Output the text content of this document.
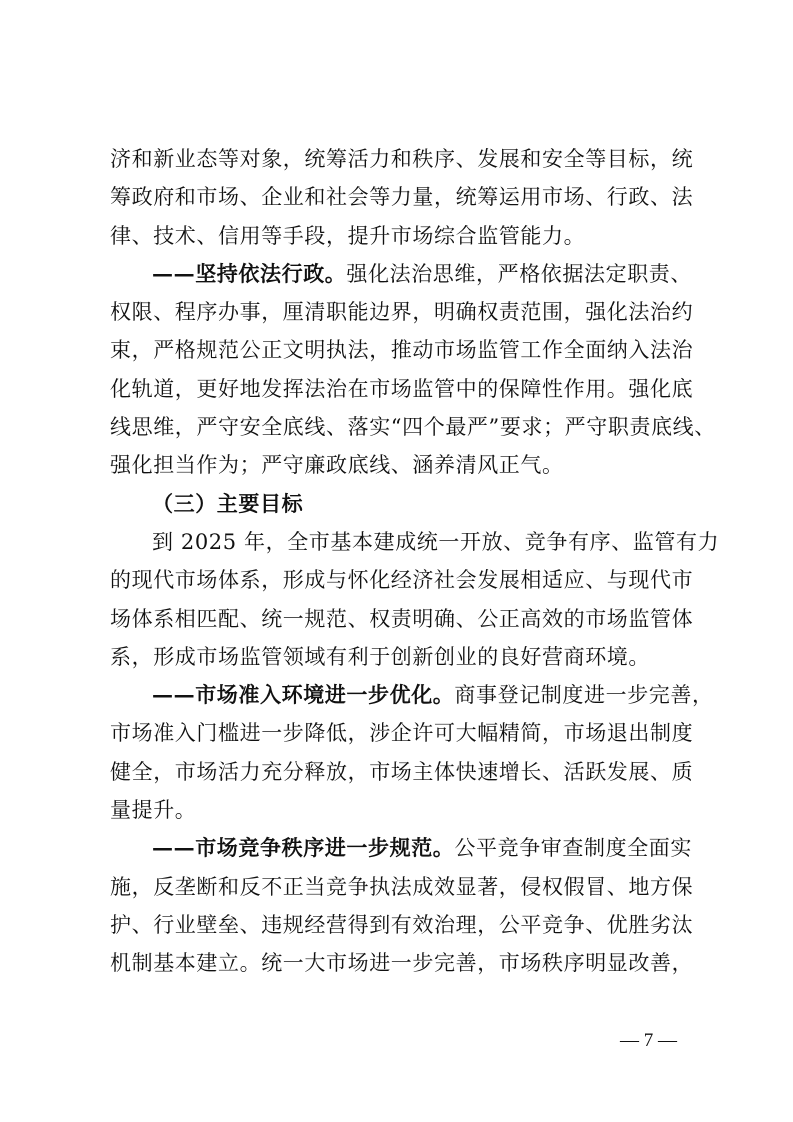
济和新业态等对象，统筹活力和秩序、发展和安全等目标，统
筹政府和市场、企业和社会等力量，统筹运用市场、行政、法
律、技术、信用等手段，提升市场综合监管能力。
——坚持依法行政。强化法治思维，严格依据法定职责、
权限、程序办事，厘清职能边界，明确权责范围，强化法治约
束，严格规范公正文明执法，推动市场监管工作全面纳入法治
化轨道，更好地发挥法治在市场监管中的保障性作用。强化底
线思维，严守安全底线、落实“四个最严”要求；严守职责底线、
强化担当作为；严守廉政底线、涵养清风正气。
（三）主要目标
到 2025 年，全市基本建成统一开放、竞争有序、监管有力
的现代市场体系，形成与怀化经济社会发展相适应、与现代市
场体系相匹配、统一规范、权责明确、公正高效的市场监管体
系，形成市场监管领域有利于创新创业的良好营商环境。
——市场准入环境进一步优化。商事登记制度进一步完善，
市场准入门槛进一步降低，涉企许可大幅精简，市场退出制度
健全，市场活力充分释放，市场主体快速增长、活跃发展、质
量提升。
——市场竞争秩序进一步规范。公平竞争审查制度全面实
施，反垄断和反不正当竞争执法成效显著，侵权假冒、地方保
护、行业壁垒、违规经营得到有效治理，公平竞争、优胜劣汰
机制基本建立。统一大市场进一步完善，市场秩序明显改善，
— 7 —
